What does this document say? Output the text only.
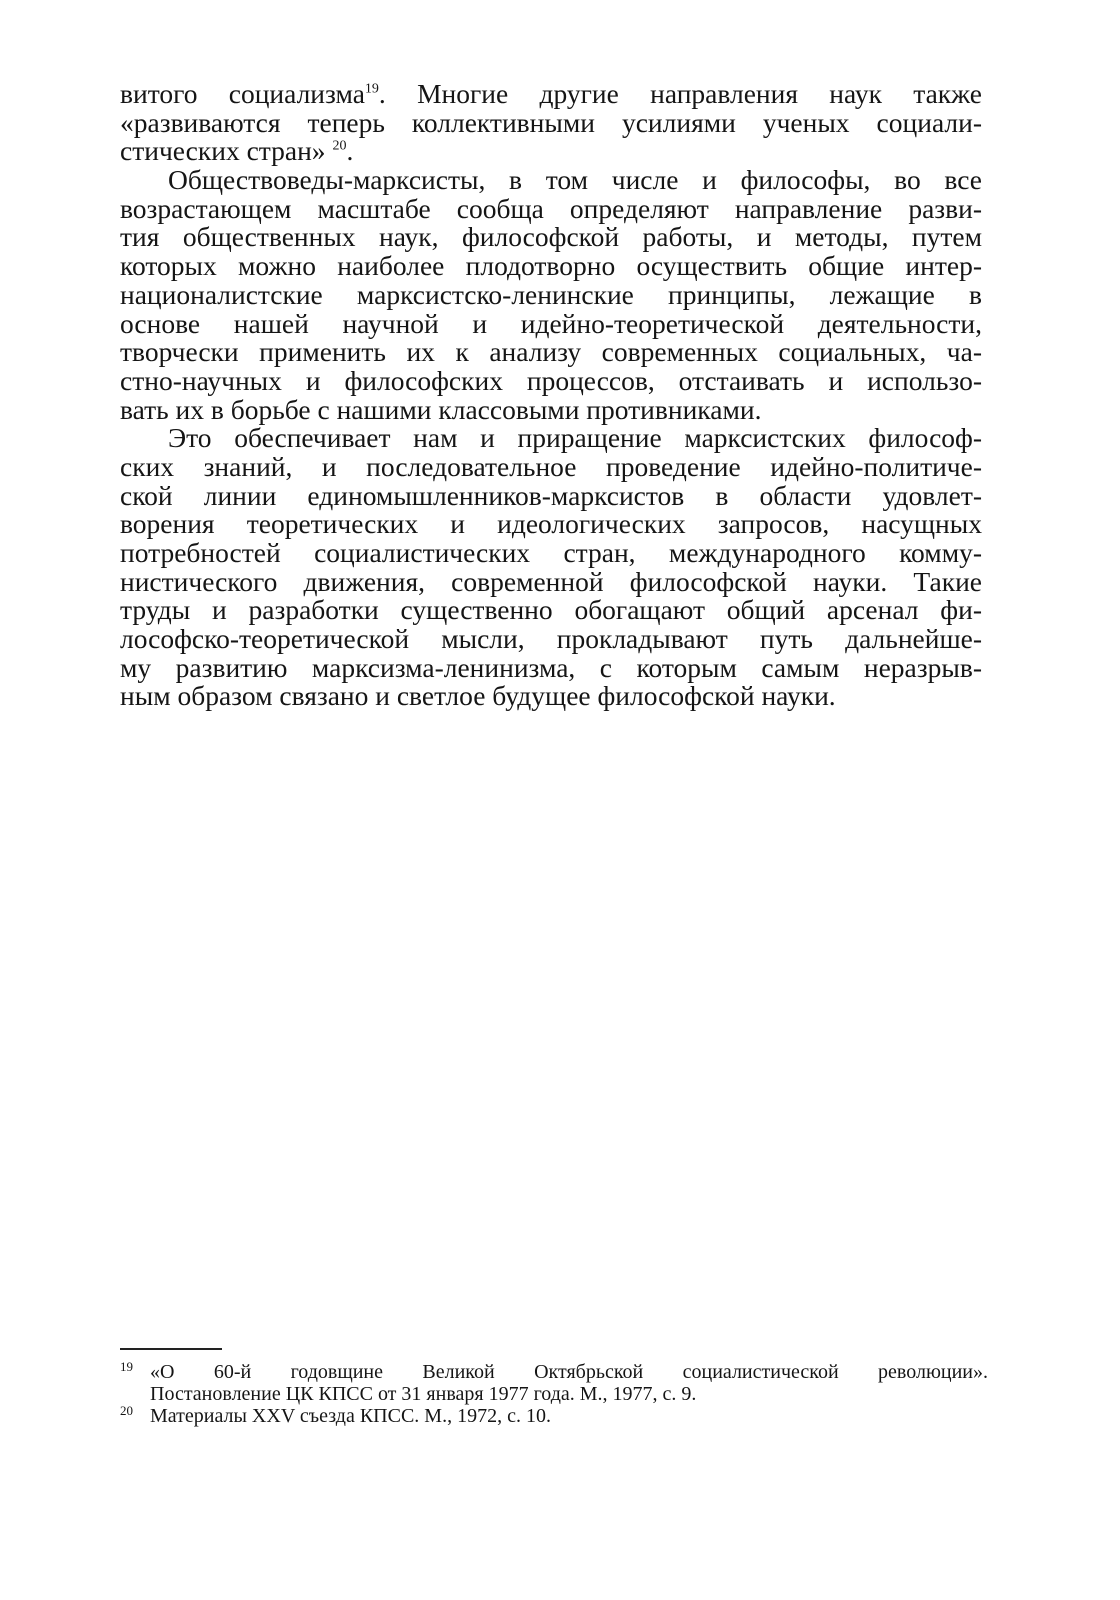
витого социализма$^{19}$. Многие другие направления наук также
«развиваются теперь коллективными усилиями ученых социали-
стических стран» $^{20}$.
Обществоведы-марксисты, в том числе и философы, во все
возрастающем масштабе сообща определяют направление разви-
тия общественных наук, философской работы, и методы, путем
которых можно наиболее плодотворно осуществить общие интер-
националистские марксистско-ленинские принципы, лежащие в
основе нашей научной и идейно-теоретической деятельности,
творчески применить их к анализу современных социальных, ча-
стно-научных и философских процессов, отстаивать и использо-
вать их в борьбе с нашими классовыми противниками.
Это обеспечивает нам и приращение марксистских философ-
ских знаний, и последовательное проведение идейно-политиче-
ской линии единомышленников-марксистов в области удовлет-
ворения теоретических и идеологических запросов, насущных
потребностей социалистических стран, международного комму-
нистического движения, современной философской науки. Такие
труды и разработки существенно обогащают общий арсенал фи-
лософско-теоретической мысли, прокладывают путь дальнейше-
му развитию марксизма-ленинизма, с которым самым неразрыв-
ным образом связано и светлое будущее философской науки.
19 «О 60-й годовщине Великой Октябрьской социалистической революции».
Постановление ЦК КПСС от 31 января 1977 года. М., 1977, с. 9.
20 Материалы XXV съезда КПСС. М., 1972, с. 10.
